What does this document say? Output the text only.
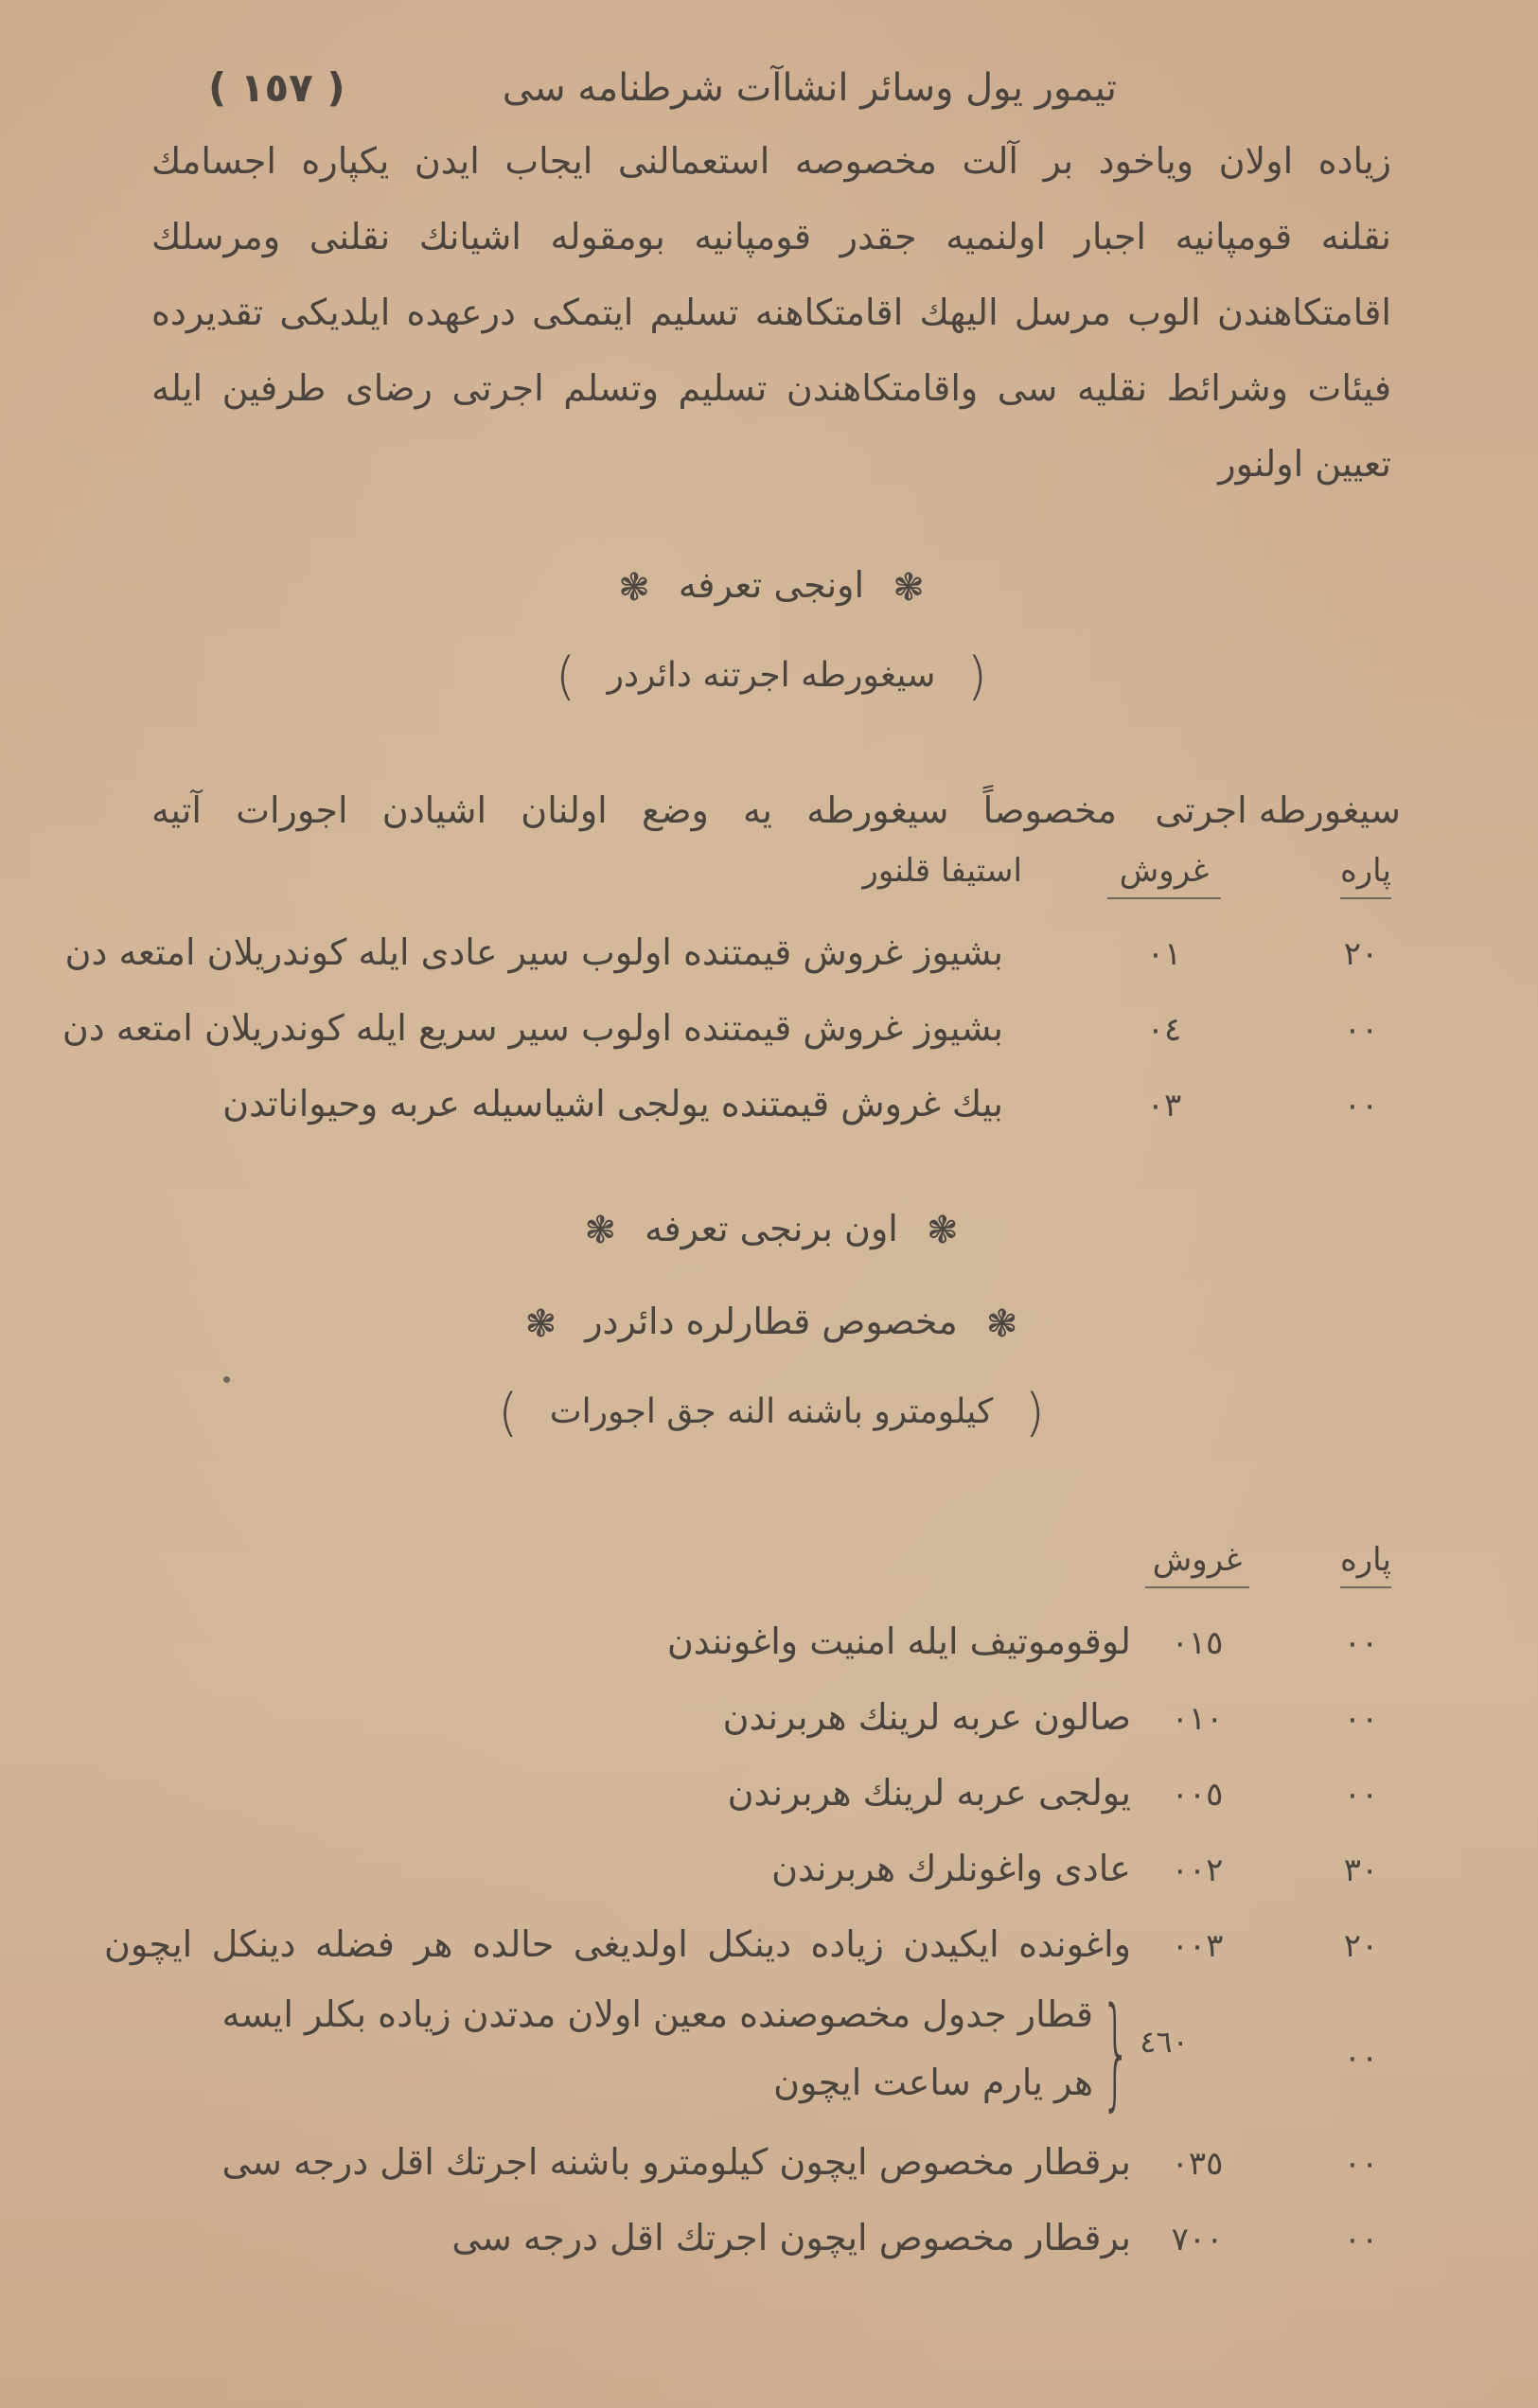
تيمور يول وسائر انشاآت شرطنامه سی
( ١٥٧ )

زياده اولان وياخود بر آلت مخصوصه استعمالنى ايجاب ايدن يكپاره اجسامك

نقلنه قومپانيه اجبار اولنميه جقدر قومپانيه بومقوله اشيانك نقلنى ومرسلك

اقامتكاهندن الوب مرسل اليهك اقامتكاهنه تسليم ايتمكى درعهده ايلديكى تقديرده

فيئات وشرائط نقليه سى واقامتكاهندن تسليم وتسلم اجرتى رضاى طرفين ايله

تعيين اولنور

❃ اونجى تعرفه ❃
( سيغورطه اجرتنه دائردر )
سيغورطه اجرتى
مخصوصاً سيغورطه يه وضع اولنان اشيادن اجورات آتيه
پاره
غروش
استيفا قلنور
٢٠
٠١
بشيوز غروش قيمتنده اولوب سير عادى ايله كوندريلان امتعه دن
٠٠
٠٤
بشيوز غروش قيمتنده اولوب سير سريع ايله كوندريلان امتعه دن
٠٠
٠٣
بيك غروش قيمتنده يولجى اشياسيله عربه وحيواناتدن
❃ اون برنجى تعرفه ❃
❃ مخصوص قطارلره دائردر ❃
( كيلومترو باشنه النه جق اجورات )
پاره
غروش
٠٠
٠١٥
لوقوموتيف ايله امنيت واغونندن
٠٠
٠١٠
صالون عربه لرينك هربرندن
٠٠
٠٠٥
يولجى عربه لرينك هربرندن
٣٠
٠٠٢
عادى واغونلرك هربرندن
٢٠
٠٠٣
واغونده ايكيدن زياده دينكل اولديغى حالده هر فضله دينكل ايچون
٠٠
٤٦٠
{
قطار جدول مخصوصنده معين اولان مدتدن زياده بكلر ايسه
هر يارم ساعت ايچون
٠٠
٠٣٥
برقطار مخصوص ايچون كيلومترو باشنه اجرتك اقل درجه سى
٠٠
٧٠٠
برقطار مخصوص ايچون اجرتك اقل درجه سى
